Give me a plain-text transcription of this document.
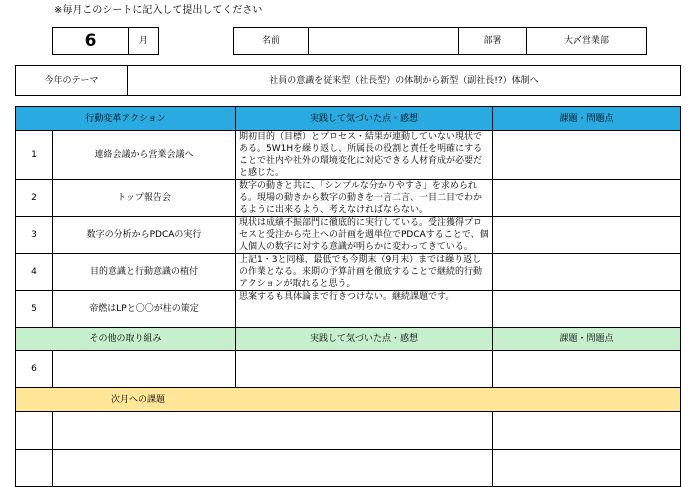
※毎月このシートに記入して提出してください
6	月		名前		部署	大〆営業部
今年のテーマ	社員の意識を従来型（社長型）の体制から新型（副社長!?）体制へ
行動変革アクション		実践して気づいた点・感想	課題・問題点
1	連絡会議から営業会議へ	期初目的（目標）とプロセス・結果が連動していない現状である。5W1Hを繰り返し、所属長の役割と責任を明確にすることで社内や社外の環境変化に対応できる人材育成が必要だと感じた。	
2	トップ報告会	数字の動きと共に、「シンプルな分かりやすさ」を求められる。現場の動きから数字の動きを一言二言、一目二目でわかるように出来るよう、考えなければならない。	
3	数字の分析からPDCAの実行	現状は成績不振部門に徹底的に実行している。受注獲得プロセスと受注から売上への計画を週単位でPDCAすることで、個人個人の数字に対する意識が明らかに変わってきている。	
4	目的意識と行動意識の植付	上記1・3と同様、最低でも今期末（9月末）までは繰り返しの作業となる。来期の予算計画を徹底することで継続的行動アクションが取れると思う。	
5	帝燃はLPと〇〇が柱の策定	思案するも具体論まで行きつけない。継続課題です。	
その他の取り組み		実践して気づいた点・感想	課題・問題点
6			
次月への課題			
